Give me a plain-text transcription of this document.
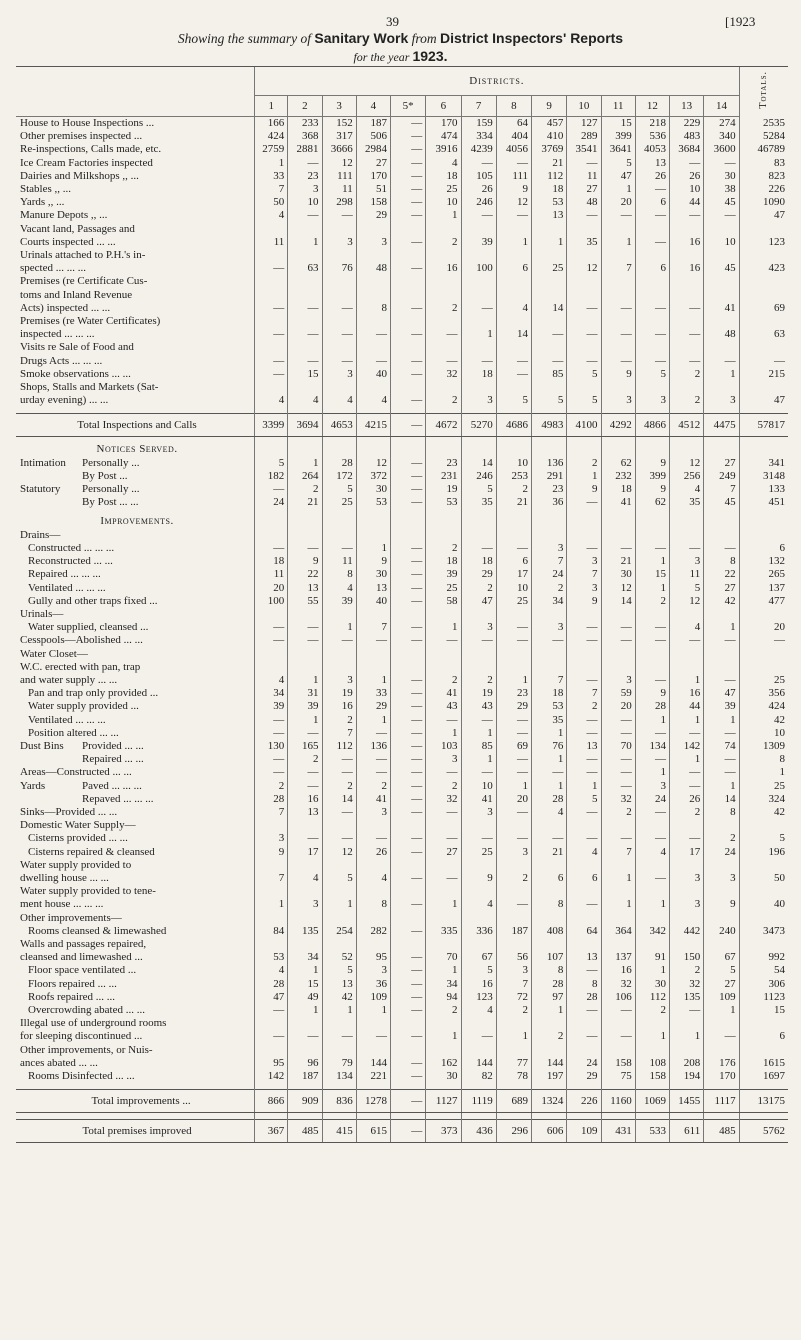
39	[1923
Showing the summary of Sanitary Work from District Inspectors' Reports
for the year 1923.
	Districts.														Totals.
	1	2	3	4	5*	6	7	8	9	10	11	12	13	14	
House to House Inspections ...	166	233	152	187	—	170	159	64	457	127	15	218	229	274	2535
Other premises inspected ...	424	368	317	506	—	474	334	404	410	289	399	536	483	340	5284
Re-inspections, Calls made, etc.	2759	2881	3666	2984	—	3916	4239	4056	3769	3541	3641	4053	3684	3600	46789
Ice Cream Factories inspected	1	—	12	27	—	4	—	—	21	—	5	13	—	—	83
Dairies and Milkshops ,, ...	33	23	111	170	—	18	105	111	112	11	47	26	26	30	823
Stables ,, ...	7	3	11	51	—	25	26	9	18	27	1	—	10	38	226
Yards ,, ...	50	10	298	158	—	10	246	12	53	48	20	6	44	45	1090
Manure Depots ,, ...	4	—	—	29	—	1	—	—	13	—	—	—	—	—	47
Vacant land, Passages and
Courts inspected ... ...	11	1	3	3	—	2	39	1	1	35	1	—	16	10	123
Urinals attached to P.H.'s in-
spected ... ... ...	—	63	76	48	—	16	100	6	25	12	7	6	16	45	423
Premises (re Certificate Cus-
toms and Inland Revenue
Acts) inspected ... ...	—	—	—	8	—	2	—	4	14	—	—	—	—	41	69
Premises (re Water Certificates)
inspected ... ... ...	—	—	—	—	—	—	1	14	—	—	—	—	—	48	63
Visits re Sale of Food and
Drugs Acts ... ... ...	—	—	—	—	—	—	—	—	—	—	—	—	—	—	—
Smoke observations ... ...	—	15	3	40	—	32	18	—	85	5	9	5	2	1	215
Shops, Stalls and Markets (Sat-
urday evening) ... ...	4	4	4	4	—	2	3	5	5	5	3	3	2	3	47

Total Inspections and Calls	3399	3694	4653	4215	—	4672	5270	4686	4983	4100	4292	4866	4512	4475	57817

Notices Served.															
Intimation Personally ...	5	1	28	12	—	23	14	10	136	2	62	9	12	27	341
By Post ...	182	264	172	372	—	231	246	253	291	1	232	399	256	249	3148
Statutory Personally ...	—	2	5	30	—	19	5	2	23	9	18	9	4	7	133
By Post ... ...	24	21	25	53	—	53	35	21	36	—	41	62	35	45	451

Improvements.															
Drains—															
Constructed ... ... ...	—	—	—	1	—	2	—	—	3	—	—	—	—	—	6
Reconstructed ... ...	18	9	11	9	—	18	18	6	7	3	21	1	3	8	132
Repaired ... ... ...	11	22	8	30	—	39	29	17	24	7	30	15	11	22	265
Ventilated ... ... ...	20	13	4	13	—	25	2	10	2	3	12	1	5	27	137
Gully and other traps fixed ...	100	55	39	40	—	58	47	25	34	9	14	2	12	42	477
Urinals—															
Water supplied, cleansed ...	—	—	1	7	—	1	3	—	3	—	—	—	4	1	20
Cesspools—Abolished ... ...	—	—	—	—	—	—	—	—	—	—	—	—	—	—	—
Water Closet—															
W.C. erected with pan, trap
and water supply ... ...	4	1	3	1	—	2	2	1	7	—	3	—	1	—	25
Pan and trap only provided ...	34	31	19	33	—	41	19	23	18	7	59	9	16	47	356
Water supply provided ...	39	39	16	29	—	43	43	29	53	2	20	28	44	39	424
Ventilated ... ... ...	—	1	2	1	—	—	—	—	35	—	—	1	1	1	42
Position altered ... ...	—	—	7	—	—	1	1	—	1	—	—	—	—	—	10
Dust Bins Provided ... ...	130	165	112	136	—	103	85	69	76	13	70	134	142	74	1309
Repaired ... ...	—	2	—	—	—	3	1	—	1	—	—	—	1	—	8
Areas—Constructed ... ...	—	—	—	—	—	—	—	—	—	—	—	1	—	—	1
Yards Paved ... ... ...	2	—	2	2	—	2	10	1	1	1	—	3	—	1	25
Repaved ... ... ...	28	16	14	41	—	32	41	20	28	5	32	24	26	14	324
Sinks—Provided ... ...	7	13	—	3	—	—	3	—	4	—	2	—	2	8	42
Domestic Water Supply—															
Cisterns provided ... ...	3	—	—	—	—	—	—	—	—	—	—	—	—	2	5
Cisterns repaired & cleansed	9	17	12	26	—	27	25	3	21	4	7	4	17	24	196
Water supply provided to
dwelling house ... ...	7	4	5	4	—	—	9	2	6	6	1	—	3	3	50
Water supply provided to tene-
ment house ... ... ...	1	3	1	8	—	1	4	—	8	—	1	1	3	9	40
Other improvements—															
Rooms cleansed & limewashed	84	135	254	282	—	335	336	187	408	64	364	342	442	240	3473
Walls and passages repaired,
cleansed and limewashed ...	53	34	52	95	—	70	67	56	107	13	137	91	150	67	992
Floor space ventilated ...	4	1	5	3	—	1	5	3	8	—	16	1	2	5	54
Floors repaired ... ...	28	15	13	36	—	34	16	7	28	8	32	30	32	27	306
Roofs repaired ... ...	47	49	42	109	—	94	123	72	97	28	106	112	135	109	1123
Overcrowding abated ... ...	—	1	1	1	—	2	4	2	1	—	—	2	—	1	15
Illegal use of underground rooms
for sleeping discontinued ...	—	—	—	—	—	1	—	1	2	—	—	1	1	—	6
Other improvements, or Nuis-
ances abated ... ...	95	96	79	144	—	162	144	77	144	24	158	108	208	176	1615
Rooms Disinfected ... ...	142	187	134	221	—	30	82	78	197	29	75	158	194	170	1697

Total improvements ...	866	909	836	1278	—	1127	1119	689	1324	226	1160	1069	1455	1117	13175

Total premises improved	367	485	415	615	—	373	436	296	606	109	431	533	611	485	5762
